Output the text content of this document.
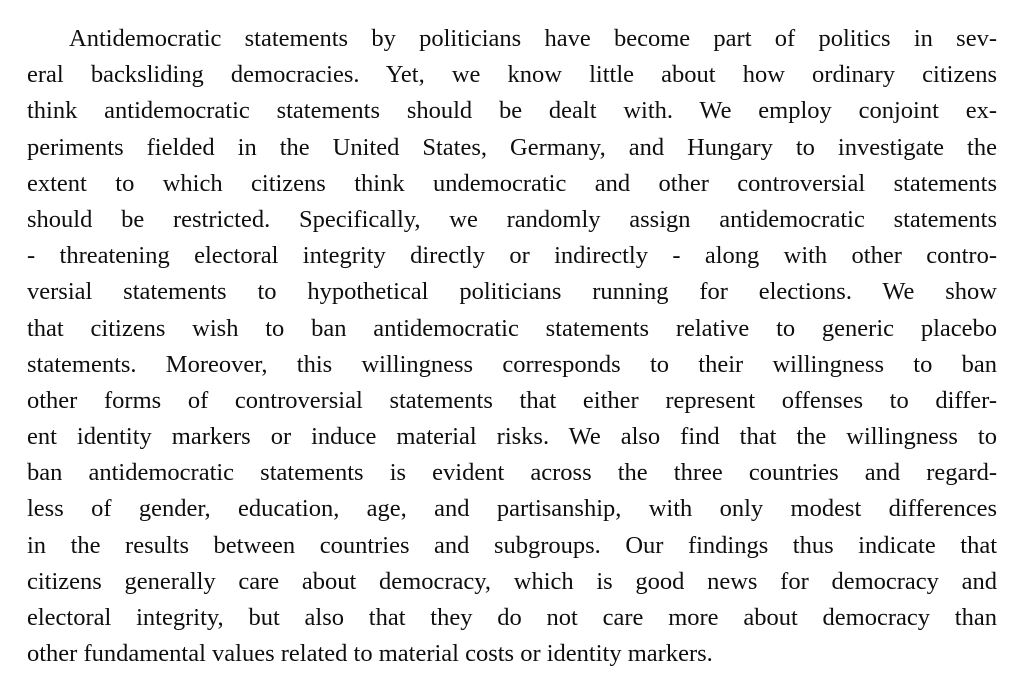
Antidemocratic statements by politicians have become part of politics in sev-
eral backsliding democracies. Yet, we know little about how ordinary citizens
think antidemocratic statements should be dealt with. We employ conjoint ex-
periments fielded in the United States, Germany, and Hungary to investigate the
extent to which citizens think undemocratic and other controversial statements
should be restricted. Specifically, we randomly assign antidemocratic statements
- threatening electoral integrity directly or indirectly - along with other contro-
versial statements to hypothetical politicians running for elections. We show
that citizens wish to ban antidemocratic statements relative to generic placebo
statements. Moreover, this willingness corresponds to their willingness to ban
other forms of controversial statements that either represent offenses to differ-
ent identity markers or induce material risks. We also find that the willingness to
ban antidemocratic statements is evident across the three countries and regard-
less of gender, education, age, and partisanship, with only modest differences
in the results between countries and subgroups. Our findings thus indicate that
citizens generally care about democracy, which is good news for democracy and
electoral integrity, but also that they do not care more about democracy than
other fundamental values related to material costs or identity markers.
